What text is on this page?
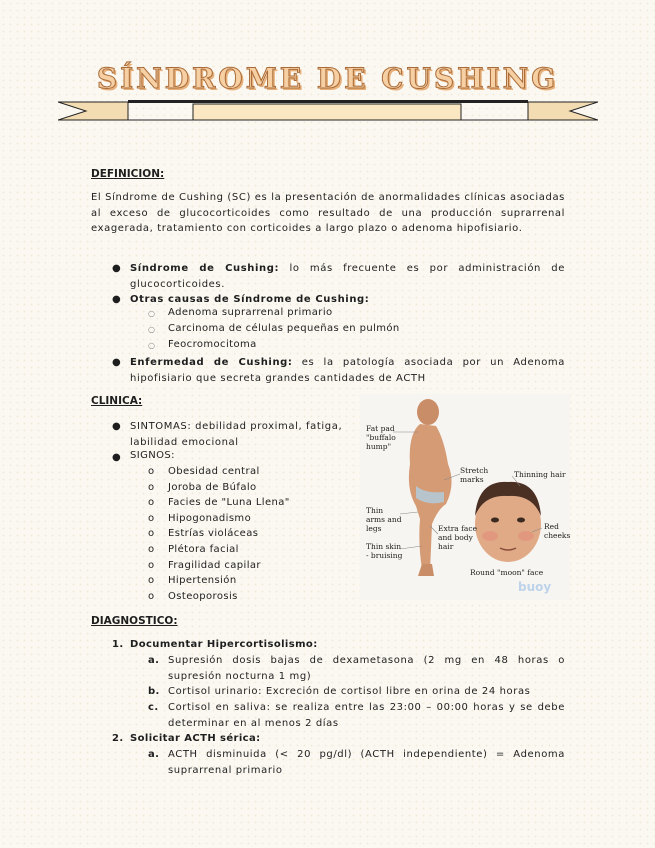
SÍNDROME DE CUSHING
DEFINICION:
El Síndrome de Cushing (SC) es la presentación de anormalidades clínicas asociadas al exceso de glucocorticoides como resultado de una producción suprarrenal exagerada, tratamiento con corticoides a largo plazo o adenoma hipofisiario.
● Síndrome de Cushing: lo más frecuente es por administración de glucocorticoides.
● Otras causas de Síndrome de Cushing:
○ Adenoma suprarrenal primario
○ Carcinoma de células pequeñas en pulmón
○ Feocromocitoma
● Enfermedad de Cushing: es la patología asociada por un Adenoma hipofisiario que secreta grandes cantidades de ACTH
CLINICA:
● SINTOMAS: debilidad proximal, fatiga, labilidad emocional
● SIGNOS:
o Obesidad central
o Joroba de Búfalo
o Facies de "Luna Llena"
o Hipogonadismo
o Estrías violáceas
o Plétora facial
o Fragilidad capilar
o Hipertensión
o Osteoporosis
Fat pad "buffalo hump"
Stretch marks
Thinning hair
Thin arms and legs	Extra face and body hair
Red cheeks
Thin skin - bruising
Round "moon" face
buoy
DIAGNOSTICO:
1. Documentar Hipercortisolismo:
a. Supresión dosis bajas de dexametasona (2 mg en 48 horas o supresión nocturna 1 mg)
b. Cortisol urinario: Excreción de cortisol libre en orina de 24 horas
c. Cortisol en saliva: se realiza entre las 23:00 – 00:00 horas y se debe determinar en al menos 2 días
2. Solicitar ACTH sérica:
a. ACTH disminuida (< 20 pg/dl) (ACTH independiente) = Adenoma suprarrenal primario
